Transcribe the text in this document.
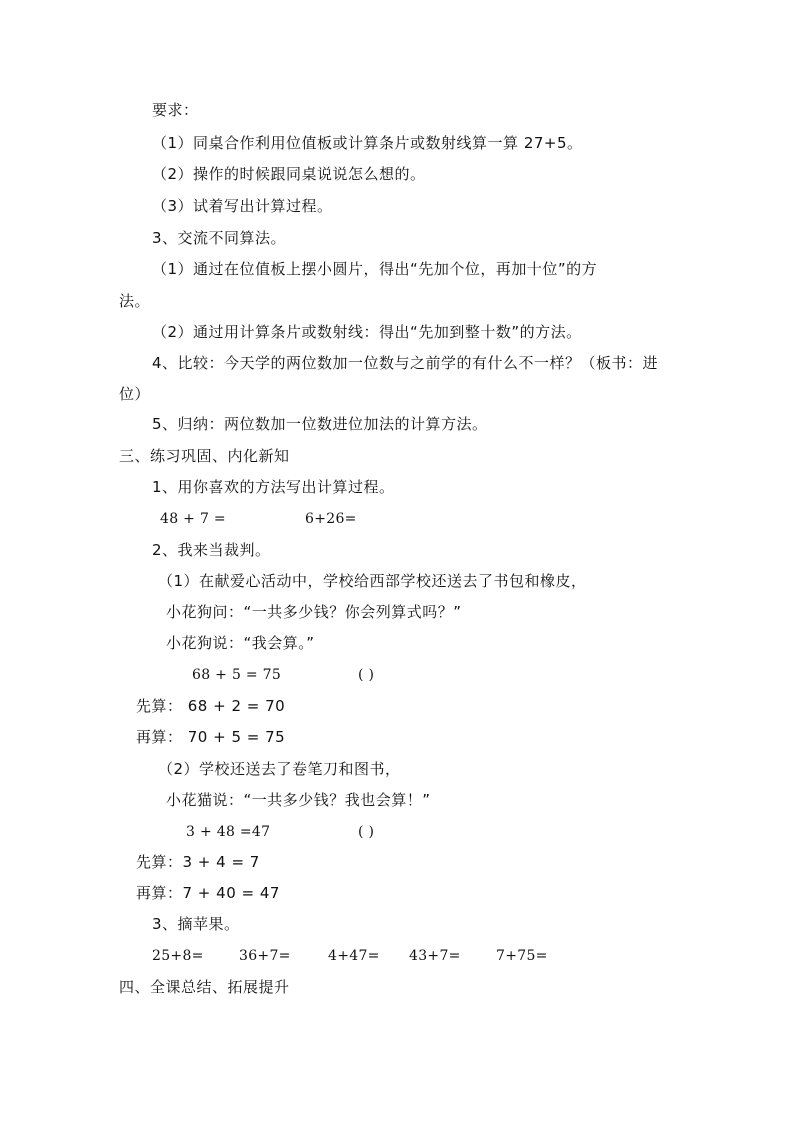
要求：
（1）同桌合作利用位值板或计算条片或数射线算一算 27+5。
（2）操作的时候跟同桌说说怎么想的。
（3）试着写出计算过程。
3、交流不同算法。
（1）通过在位值板上摆小圆片，得出“先加个位，再加十位”的方
法。
（2）通过用计算条片或数射线：得出“先加到整十数”的方法。
4、比较：今天学的两位数加一位数与之前学的有什么不一样？（板书：进
位）
5、归纳：两位数加一位数进位加法的计算方法。
三、练习巩固、内化新知
1、用你喜欢的方法写出计算过程。
48 + 7 =	6+26=
2、我来当裁判。
（1）在献爱心活动中，学校给西部学校还送去了书包和橡皮，
小花狗问：“一共多少钱？你会列算式吗？”
小花狗说：“我会算。”
68 + 5 = 75	( )
先算： 68 + 2 = 70
再算： 70 + 5 = 75
（2）学校还送去了卷笔刀和图书，
小花猫说：“一共多少钱？我也会算！”
3 + 48 =47	( )
先算：3 + 4 = 7
再算：7 + 40 = 47
3、摘苹果。
25+8=	36+7=	4+47= 43+7=	7+75=
四、全课总结、拓展提升
